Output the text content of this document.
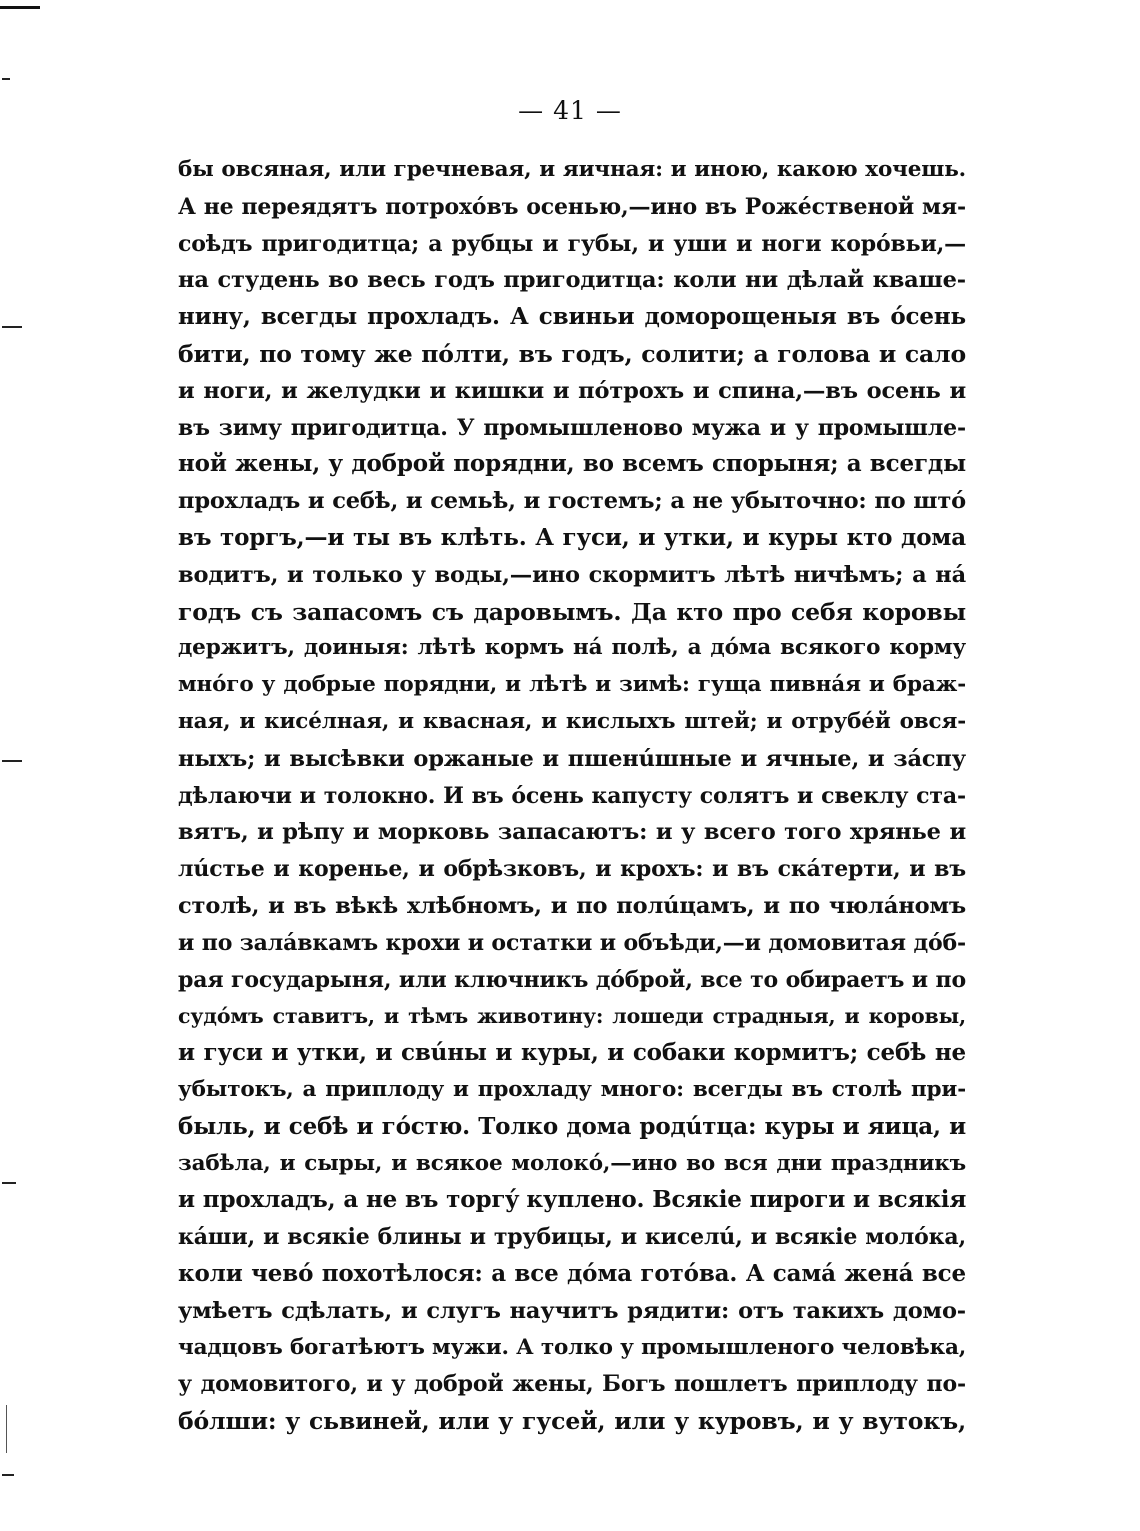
— 41 —
бы овсяная, или гречневая, и яичная: и иною, какою хочешь.
А не переядятъ потрохóвъ осенью,—ино въ Рожéственой мя-
соѣдъ пригодитца; а рубцы и губы, и уши и ноги корóвьи,—
на студень во весь годъ пригодитца: коли ни дѣлай кваше-
нину, всегды прохладъ. А свиньи доморощеныя въ óсень
бити, по тому же пóлти, въ годъ, солити; а голова и сало
и ноги, и желудки и кишки и пóтрохъ и спина,—въ осень и
въ зиму пригодитца. У промышленово мужа и у промышле-
ной жены, у доброй порядни, во всемъ спорыня; а всегды
прохладъ и себѣ, и семьѣ, и гостемъ; а не убыточно: по штó
въ торгъ,—и ты въ клѣть. А гуси, и утки, и куры кто дома
водитъ, и только у воды,—ино скормитъ лѣтѣ ничѣмъ; а нá
годъ съ запасомъ съ даровымъ. Да кто про себя коровы
держитъ, доиныя: лѣтѣ кормъ нá полѣ, а дóма всякого корму
мнóго у добрые порядни, и лѣтѣ и зимѣ: гуща пивнáя и браж-
ная, и кисéлная, и квасная, и кислыхъ штей; и отрубéй овся-
ныхъ; и высѣвки оржаные и пшенúшные и ячные, и зáспу
дѣлаючи и толокно. И въ óсень капусту солятъ и свеклу ста-
вятъ, и рѣпу и морковь запасаютъ: и у всего того хрянье и
лúстье и коренье, и обрѣзковъ, и крохъ: и въ скáтерти, и въ
столѣ, и въ вѣкѣ хлѣбномъ, и по полúцамъ, и по чюлáномъ
и по залáвкамъ крохи и остатки и объѣди,—и домовитая дóб-
рая государыня, или ключникъ дóброй, все то обираетъ и по
судóмъ ставитъ, и тѣмъ животину: лошеди страдныя, и коровы,
и гуси и утки, и свúны и куры, и собаки кормитъ; себѣ не
убытокъ, а приплоду и прохладу много: всегды въ столѣ при-
быль, и себѣ и гóстю. Толко дома родúтца: куры и яица, и
забѣла, и сыры, и всякое молокó,—ино во вся дни праздникъ
и прохладъ, а не въ торгý куплено. Всякіе пироги и всякія
кáши, и всякіе блины и трубицы, и киселú, и всякіе молóка,
коли чевó похотѣлося: а все дóма готóва. А самá женá все
умѣетъ сдѣлать, и слугъ научитъ рядити: отъ такихъ домо-
чадцовъ богатѣютъ мужи. А толко у промышленого человѣка,
у домовитого, и у доброй жены, Богъ пошлетъ приплоду по-
бóлши: у сьвиней, или у гусей, или у куровъ, и у вутокъ,
